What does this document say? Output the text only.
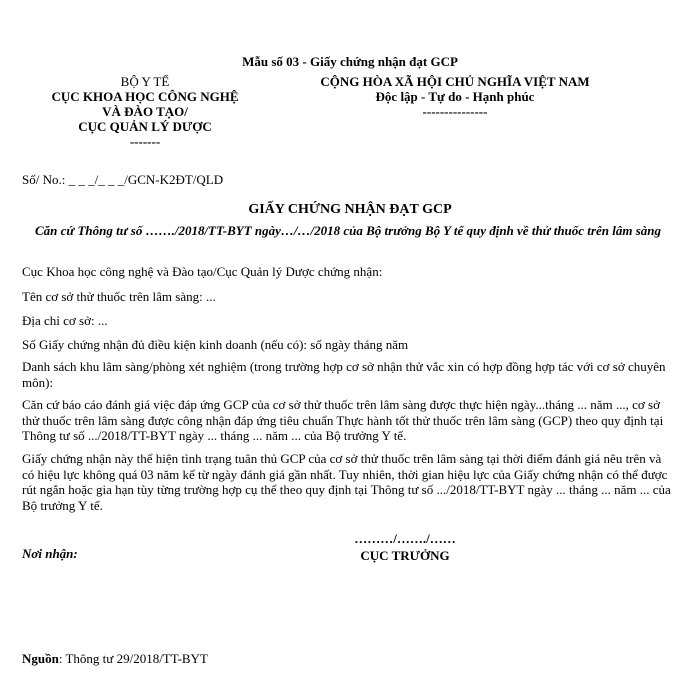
Mẫu số 03 - Giấy chứng nhận đạt GCP
BỘ Y TẾ
CỤC KHOA HỌC CÔNG NGHỆ
VÀ ĐÀO TẠO/
CỤC QUẢN LÝ DƯỢC
-------
CỘNG HÒA XÃ HỘI CHỦ NGHĨA VIỆT NAM
Độc lập - Tự do - Hạnh phúc
---------------
Số/ No.: _ _ _/_ _ _/GCN-K2ĐT/QLD
GIẤY CHỨNG NHẬN ĐẠT GCP
Căn cứ Thông tư số ……./2018/TT-BYT ngày…/…/2018 của Bộ trưởng Bộ Y tế quy định về thử thuốc trên lâm sàng
Cục Khoa học công nghệ và Đào tạo/Cục Quản lý Dược chứng nhận:
Tên cơ sở thử thuốc trên lâm sàng: ...
Địa chỉ cơ sở: ...
Số Giấy chứng nhận đủ điều kiện kinh doanh (nếu có): số ngày tháng năm
Danh sách khu lâm sàng/phòng xét nghiệm (trong trường hợp cơ sở nhận thử vắc xin có hợp đồng hợp tác với cơ sở chuyên môn):
Căn cứ báo cáo đánh giá việc đáp ứng GCP của cơ sở thử thuốc trên lâm sàng được thực hiện ngày...tháng ... năm ..., cơ sở thử thuốc trên lâm sàng được công nhận đáp ứng tiêu chuẩn Thực hành tốt thử thuốc trên lâm sàng (GCP) theo quy định tại Thông tư số .../2018/TT-BYT ngày ... tháng ... năm ... của Bộ trưởng Y tế.
Giấy chứng nhận này thể hiện tình trạng tuân thủ GCP của cơ sở thử thuốc trên lâm sàng tại thời điểm đánh giá nêu trên và có hiệu lực không quá 03 năm kể từ ngày đánh giá gần nhất. Tuy nhiên, thời gian hiệu lực của Giấy chứng nhận có thể được rút ngắn hoặc gia hạn tùy từng trường hợp cụ thể theo quy định tại Thông tư số .../2018/TT-BYT ngày ... tháng ... năm ... của Bộ trưởng Y tế.
Nơi nhận:
………/……./……
CỤC TRƯỞNG
Nguồn: Thông tư 29/2018/TT-BYT
